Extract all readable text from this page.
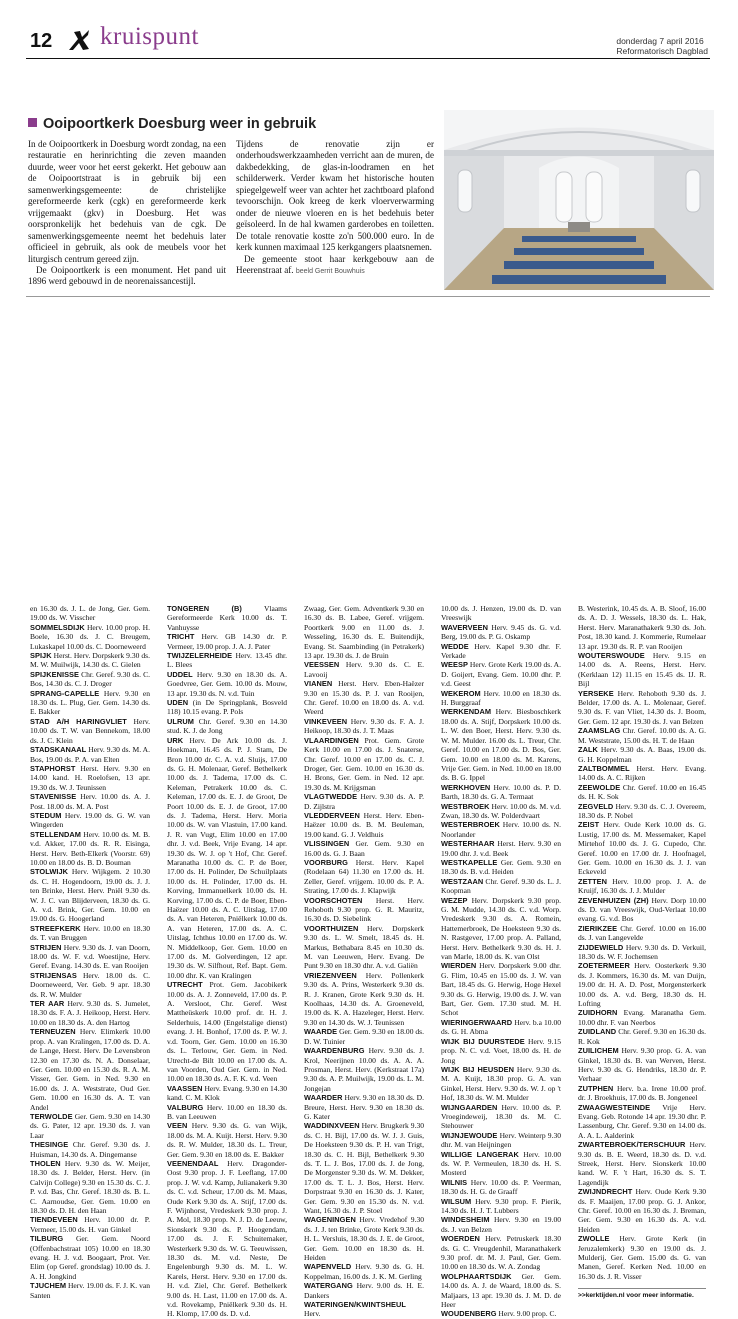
12 kruispunt	donderdag 7 april 2016
Reformatorisch Dagblad
Ooipoortkerk Doesburg weer in gebruik

In de Ooipoortkerk in Doesburg wordt zondag, na een restauratie en herinrichting die zeven maanden duurde, weer voor het eerst gekerkt. Het gebouw aan de Ooipoortstraat is in gebruik bij een samenwerkingsgemeente: de christelijke gereformeerde kerk (cgk) en gereformeerde kerk vrijgemaakt (gkv) in Doesburg. Het was oorspronkelijk het bedehuis van de cgk. De samenwerkingsgemeente neemt het bedehuis later officieel in gebruik, als ook de meubels voor het liturgisch centrum gereed zijn.

De Ooipoortkerk is een monument. Het pand uit 1896 werd gebouwd in de neorenaissancestijl.

Tijdens de renovatie zijn er onderhoudswerkzaamheden verricht aan de muren, de dakbedekking, de glas-in-loodramen en het schilderwerk. Verder kwam het historische houten spiegelgewelf weer van achter het zachtboard plafond tevoorschijn. Ook kreeg de kerk vloerverwarming onder de nieuwe vloeren en is het bedehuis beter geïsoleerd. In de hal kwamen garderobes en toiletten. De totale renovatie kostte zo'n 500.000 euro. In de kerk kunnen maximaal 125 kerkgangers plaatsnemen.

De gemeente stoot haar kerkgebouw aan de Heerenstraat af. beeld Gerrit Bouwhuis

en 16.30 ds. J. L. de Jong, Ger. Gem. 19.00 ds. W. Visscher

SOMMELSDIJK Herv. 10.00 prop. H. Boele, 16.30 ds. J. C. Breugem, Lukaskapel 10.00 ds. C. Doorneweerd

SPIJK Herst. Herv. Dorpskerk 9.30 ds. M. W. Muilwijk, 14.30 ds. C. Gielen

SPIJKENISSE Chr. Geref. 9.30 ds. C. Bos, 14.30 ds. C. J. Droger

SPRANG-CAPELLE Herv. 9.30 en 18.30 ds. L. Plug, Ger. Gem. 14.30 ds. E. Bakker

STAD A/H HARINGVLIET Herv. 10.00 ds. T. W. van Bennekom, 18.00 ds. J. C. Klein

STADSKANAAL Herv. 9.30 ds. M. A. Bos, 19.00 ds. P. A. van Elten

STAPHORST Herst. Herv. 9.30 en 14.00 kand. H. Roelofsen, 13 apr. 19.30 ds. W. J. Teunissen

STAVENISSE Herv. 10.00 ds. A. J. Post. 18.00 ds. M. A. Post

STEDUM Herv. 19.00 ds. G. W. van Wingerden

STELLENDAM Herv. 10.00 ds. M. B. v.d. Akker, 17.00 ds. R. R. Eisinga, Herst. Herv. Beth-Elkerk (Voorstr. 69) 10.00 en 18.00 ds. B. D. Bouman

STOLWIJK Herv. Wijkgem. 2 10.30 ds. C. H. Hogendoorn, 19.00 ds. J. J. ten Brinke, Herst. Herv. Pniël 9.30 ds. W. J. C. van Blijderveen, 18.30 ds. G. A. v.d. Brink, Ger. Gem. 10.00 en 19.00 ds. G. Hoogerland

STREEFKERK Herv. 10.00 en 18.30 ds. T. van Bruggen

STRIJEN Herv. 9.30 ds. J. van Doorn, 18.00 ds. W. F. v.d. Woestijne, Herv. Geref. Evang. 14.30 ds. E. van Rooijen

STRIJENSAS Herv. 18.00 ds. C. Doorneweerd, Ver. Geb. 9 apr. 18.30 ds. R. W. Mulder

TER AAR Herv. 9.30 ds. S. Jumelet, 18.30 ds. F. A. J. Heikoop, Herst. Herv. 10.00 en 18.30 ds. A. den Hartog

TERNEUZEN Herv. Elimkerk 10.00 prop. A. van Kralingen, 17.00 ds. D. A. de Lange, Herst. Herv. De Levensbron 12.30 en 17.30 ds. N. A. Donselaar, Ger. Gem. 10.00 en 15.30 ds. R. A. M. Visser, Ger. Gem. in Ned. 9.30 en 16.00 ds. J. A. Weststrate, Oud Ger. Gem. 10.00 en 16.30 ds. A. T. van Andel

TERWOLDE Ger. Gem. 9.30 en 14.30 ds. G. Pater, 12 apr. 19.30 ds. J. van Laar

THESINGE Chr. Geref. 9.30 ds. J. Huisman, 14.30 ds. A. Dingemanse

THOLEN Herv. 9.30 ds. W. Meijer, 18.30 ds. J. Belder, Herst. Herv. (in Calvijn College) 9.30 en 15.30 ds. C. J. P. v.d. Bas, Chr. Geref. 18.30 ds. B. L. C. Aarnoudse, Ger. Gem. 10.00 en 18.30 ds. D. H. den Haan

TIENDEVEEN Herv. 10.00 dr. P. Vermeer, 15.00 ds. H. van Ginkel

TILBURG Ger. Gem. Noord (Offenbachstraat 105) 10.00 en 18.30 evang. H. J. v.d. Boogaart, Prot. Ver. Elim (op Geref. grondslag) 10.00 ds. J. A. H. Jongkind

TJUCHEM Herv. 19.00 ds. F. J. K. van Santen

TONGEREN (B)	Vlaams Gereformeerde Kerk 10.00 ds. T. Vanhuysse

TRICHT Herv. GB 14.30 dr. P. Vermeer, 19.00 prop. J. A. J. Pater

TWIJZELERHEIDE Herv. 13.45 dhr. L. Blees

UDDEL Herv. 9.30 en 18.30 ds. A. Goedvree, Ger. Gem. 10.00 ds. Mouw, 13 apr. 19.30 ds. N. v.d. Tuin

UDEN (in De Springplank, Bosveld 118) 10.15 evang. P. Pols

ULRUM Chr. Geref. 9.30 en 14.30 stud. K. J. de Jong

URK Herv. De Ark 10.00 ds. J. Hoekman, 16.45 ds. P. J. Stam, De Bron 10.00 dr. C. A. v.d. Sluijs, 17.00 ds. G. H. Molenaar, Geref. Bethelkerk 10.00 ds. J. Tadema, 17.00 ds. C. Keleman, Petrakerk 10.00 ds. C. Keleman, 17.00 ds. E. J. de Groot, De Poort 10.00 ds. E. J. de Groot, 17.00 ds. J. Tadema, Herst. Herv. Moria 10.00 ds. W. van Vlastuin, 17.00 kand. J. R. van Vugt, Elim 10.00 en 17.00 dhr. J. v.d. Beek, Vrije Evang. 14 apr. 19.30 ds. W. J. op 't Hof, Chr. Geref. Maranatha 10.00 ds. C. P. de Boer, 17.00 ds. H. Polinder, De Schuilplaats 10.00 ds. H. Polinder, 17.00 ds. H. Korving, Immanuelkerk 10.00 ds. H. Korving, 17.00 ds. C. P. de Boer, Eben-Haëzer 10.00 ds. A. C. Uitslag, 17.00 ds. A. van Heteren, Pniëlkerk 10.00 ds. A. van Heteren, 17.00 ds. A. C. Uitslag, Ichthus 10.00 en 17.00 ds. W. N. Middelkoop, Ger. Gem. 10.00 en 17.00 ds. M. Golverdingen, 12 apr. 19.30 ds. W. Silfhout, Ref. Bapt. Gem. 10.00 dhr. K. van Kralingen

UTRECHT Prot. Gem. Jacobikerk 10.00 ds. A. J. Zonneveld, 17.00 ds. P. A. Versloot, Chr. Geref. West Mattheüskerk 10.00 prof. dr. H. J. Selderhuis, 14.00 (Engelstalige dienst) evang. J. H. Bonhof, 17.00 ds. P. W. J. v.d. Toorn, Ger. Gem. 10.00 en 16.30 ds. L. Terlouw, Ger. Gem. in Ned. Utrecht-de Bilt 10.00 en 17.00 ds. A. van Voorden, Oud Ger. Gem. in Ned. 10.00 en 18.30 ds. A. F. K. v.d. Veen

VAASSEN Herv. Evang. 9.30 en 14.30 kand. C. M. Klok

VALBURG Herv. 10.00 en 18.30 ds. B. van Leeuwen

VEEN Herv. 9.30 ds. G. van Wijk, 18.00 ds. M. A. Kuijt. Herst. Herv. 9.30 ds. R. W. Mulder, 18.30 ds. L. Treur, Ger. Gem. 9.30 en 18.00 ds. E. Bakker

VEENENDAAL Herv. Dragonder-Oost 9.30 prop. J. F. Leeflang, 17.00 prop. J. W. v.d. Kamp, Julianakerk 9.30 ds. C. v.d. Scheur, 17.00 ds. M. Maas, Oude Kerk 9.30 ds. A. Stijf, 17.00 ds. F. Wijnhorst, Vredeskerk 9.30 prop. J. A. Mol, 18.30 prop. N. J. D. de Leeuw, Sionskerk 9.30 ds. P. Hoogendam, 17.00 ds. J. F. Schuitemaker, Westerkerk 9.30 ds. W. G. Teeuwissen, 18.30 ds. M. v.d. Neste, De Engelenburgh 9.30 ds. M. L. W. Karels, Herst. Herv. 9.30 en 17.00 ds. H. v.d. Ziel, Chr. Geref. Bethelkerk 9.00 ds. H. Last, 11.00 en 17.00 ds. A. v.d. Rovekamp, Pniëlkerk 9.30 ds. H. H. Klomp, 17.00 ds. D. v.d.

Zwaag, Ger. Gem. Adventkerk 9.30 en 16.30 ds. B. Labee, Geref. vrijgem. Poortkerk 9.00 en 11.00 ds. J. Wesseling, 16.30 ds. E. Buitendijk, Evang. St. Saambinding (in Petrakerk) 13 apr. 19.30 ds. J. de Bruin

VEESSEN Herv. 9.30 ds. C. E. Lavooij

VIANEN Herst. Herv. Eben-Haëzer 9.30 en 15.30 ds. P. J. van Rooijen, Chr. Geref. 10.00 en 18.00 ds. A. v.d. Weerd

VINKEVEEN Herv. 9.30 ds. F. A. J. Heikoop, 18.30 ds. J. T. Maas

VLAARDINGEN Prot. Gem. Grote Kerk 10.00 en 17.00 ds. J. Snaterse, Chr. Geref. 10.00 en 17.00 ds. C. J. Droger, Ger. Gem. 10.00 en 16.30 ds. H. Brons, Ger. Gem. in Ned. 12 apr. 19.30 ds. M. Krijgsman

VLAGTWEDDE Herv. 9.30 ds. A. P. D. Zijlstra

VLEDDERVEEN Herst. Herv. Eben-Haëzer 10.00 ds. B. M. Beuleman, 19.00 kand. G. J. Veldhuis

VLISSINGEN Ger. Gem. 9.30 en 16.00 ds. G. J. Baan

VOORBURG Herst. Herv. Kapel (Rodelaan 64) 11.30 en 17.00 ds. H. Zeller, Geref. vrijgem. 10.00 ds. P. A. Strating, 17.00 ds. J. Klapwijk

VOORSCHOTEN Herst. Herv. Rehoboth 9.30 prop. G. R. Mauritz, 16.30 ds. D. Siebelink

VOORTHUIZEN Herv. Dorpskerk 9.30 ds. L. W. Smelt, 18.45 ds. H. Markus, Bethabara 8.45 en 10.30 ds. M. van Leeuwen, Herv. Evang. De Punt 9.30 en 18.30 dhr. A. v.d. Galiën

VRIEZENVEEN Herv. Pollenkerk 9.30 ds. A. Prins, Westerkerk 9.30 ds. R. J. Kranen, Grote Kerk 9.30 ds. H. Koolhaas, 14.30 ds. A. Groeneveld, 19.00 ds. K. A. Hazeleger, Herst. Herv. 9.30 en 14.30 ds. W. J. Teunissen

WAARDE Ger. Gem. 9.30 en 18.00 ds. D. W. Tuinier

WAARDENBURG Herv. 9.30 ds. J. Krol, Neerijnen 10.00 ds. A. A. A. Prosman, Herst. Herv. (Kerkstraat 17a) 9.30 ds. A. P. Muilwijk, 19.00 ds. L. M. Jongejan

WAARDER Herv. 9.30 en 18.30 ds. D. Breure, Herst. Herv. 9.30 en 18.30 ds. G. Kater

WADDINXVEEN Herv. Brugkerk 9.30 ds. C. H. Bijl, 17.00 ds. W. J. J. Guis, De Hoeksteen 9.30 ds. P. H. van Trigt, 18.30 ds. C. H. Bijl, Bethelkerk 9.30 ds. T. L. J. Bos, 17.00 ds. J. de Jong, De Morgenster 9.30 ds. W. M. Dekker, 17.00 ds. T. L. J. Bos, Herst. Herv. Dorpstraat 9.30 en 16.30 ds. J. Kater, Ger. Gem. 9.30 en 15.30 ds. N. v.d. Want, 16.30 ds. J. P. Stoel

WAGENINGEN Herv. Vredehof 9.30 ds. J. J. ten Brinke, Grote Kerk 9.30 ds. H. L. Versluis, 18.30 ds. J. E. de Groot, Ger. Gem. 10.00 en 18.30 ds. H. Heiden

WAPENVELD Herv. 9.30 ds. G. H. Koppelman, 16.00 ds. J. K. M. Gerling

WATERGANG Herv. 9.00 ds. H. E. Dankers

WATERINGEN/KWINTSHEUL Herv.

10.00 ds. J. Henzen, 19.00 ds. D. van Vreeswijk

WAVERVEEN Herv. 9.45 ds. G. v.d. Berg, 19.00 ds. P. G. Oskamp

WEDDE Herv. Kapel 9.30 dhr. F. Verkade

WEESP Herv. Grote Kerk 19.00 ds. A. D. Goijert, Evang. Gem. 10.00 dhr. P. v.d. Geest

WEKEROM Herv. 10.00 en 18.30 ds. H. Burggraaf

WERKENDAM Herv. Biesboschkerk 18.00 ds. A. Stijf, Dorpskerk 10.00 ds. L. W. den Boer, Herst. Herv. 9.30 ds. W. M. Mulder. 16.00 ds. L. Treur, Chr. Geref. 10.00 en 17.00 ds. D. Bos, Ger. Gem. 10.00 en 18.00 ds. M. Karens, Vrije Ger. Gem. in Ned. 10.00 en 18.00 ds. B. G. Ippel

WERKHOVEN Herv. 10.00 ds. P. D. Barth, 18.30 ds. G. A. Termaat

WESTBROEK Herv. 10.00 ds. M. v.d. Zwan, 18.30 ds. W. Polderdvaart

WESTERBROEK Herv. 10.00 ds. N. Noorlander

WESTERHAAR Herst. Herv. 9.30 en 19.00 dhr. J. v.d. Beek

WESTKAPELLE Ger. Gem. 9.30 en 18.30 ds. B. v.d. Heiden

WESTZAAN Chr. Geref. 9.30 ds. L. J. Koopman

WEZEP Herv. Dorpskerk 9.30 prop. G. M. Mudde, 14.30 ds. C. v.d. Worp. Vredeskerk 9.30 ds. A. Romein, Hattemerbroek, De Hoeksteen 9.30 ds. N. Rastgever, 17.00 prop. A. Palland, Herst. Herv. Bethelkerk 9.30 ds. H. J. van Marle, 18.00 ds. K. van Olst

WIERDEN Herv. Dorpskerk 9.00 dhr. G. Flim, 10.45 en 15.00 ds. J. W. van Bart, 18.45 ds. G. Herwig, Hoge Hexel 9.30 ds. G. Herwig, 19.00 ds. J. W. van Bart, Ger. Gem. 17.30 stud. M. H. Schot

WIERINGERWAARD Herv. b.a 10.00 ds. G. H. Abma

WIJK BIJ DUURSTEDE Herv. 9.15 prop. N. C. v.d. Voet, 18.00 ds. H. de Jong

WIJK BIJ HEUSDEN Herv. 9.30 ds. M. A. Kuijt, 18.30 prop. G. A. van Ginkel, Herst. Herv. 9.30 ds. W. J. op 't Hof, 18.30 ds. W. M. Mulder

WIJNGAARDEN Herv. 10.00 ds. P. Vroegindeweij, 18.30 ds. M. C. Stehouwer

WIJNJEWOUDE Herv. Weinterp 9.30 dhr. M. van Heijningen

WILLIGE LANGERAK Herv. 10.00 ds. W. P. Vermeulen, 18.30 ds. H. S. Mosterd

WILNIS Herv. 10.00 ds. P. Veerman, 18.30 ds. H. G. de Graaff

WILSUM Herv. 9.30 prop. F. Pierik, 14.30 ds. H. J. T. Lubbers

WINDESHEIM Herv. 9.30 en 19.00 ds. J. van Belzen

WOERDEN Herv. Petruskerk 18.30 ds. G. C. Vreugdenhil, Maranathakerk 9.30 prof. dr. M. J. Paul, Ger. Gem. 10.00 en 18.30 ds. W. A. Zondag

WOLPHAARTSDIJK Ger. Gem. 14.00 ds. A. J. de Waard, 18.00 ds. S. Maljaars, 13 apr. 19.30 ds. J. M. D. de Heer

WOUDENBERG Herv. 9.00 prop. C.

B. Westerink, 10.45 ds. A. B. Sloof, 16.00 ds. A. D. J. Wessels, 18.30 ds. L. Hak, Herst. Herv. Maranathakerk 9.30 ds. Joh. Post, 18.30 kand. J. Kommerie, Rumelaar 13 apr. 19.30 ds. R. P. van Rooijen

WOUTERSWOUDE Herv. 9.15 en 14.00 ds. A. Reens, Herst. Herv. (Kerklaan 12) 11.15 en 15.45 ds. IJ. R. Bijl

YERSEKE Herv. Rehoboth 9.30 ds. J. Belder, 17.00 ds. A. L. Molenaar, Geref. 9.30 ds. F. van Vliet, 14.30 ds. J. Boom, Ger. Gem. 12 apr. 19.30 ds. J. van Belzen

ZAAMSLAG Chr. Geref. 10.00 ds. A. G. M. Weststrate, 15.00 ds. H. T. de Haan

ZALK Herv. 9.30 ds. A. Baas, 19.00 ds. G. H. Koppelman

ZALTBOMMEL Herst. Herv. Evang. 14.00 ds. A. C. Rijken

ZEEWOLDE Chr. Geref. 10.00 en 16.45 ds. H. K. Sok

ZEGVELD Herv. 9.30 ds. C. J. Overeem, 18.30 ds. P. Nobel

ZEIST Herv. Oude Kerk 10.00 ds. G. Lustig, 17.00 ds. M. Messemaker, Kapel Mirtehof 10.00 ds. J. G. Cupedo, Chr. Geref. 10.00 en 17.00 dr. J. Hoofnagel, Ger. Gem. 10.00 en 16.30 ds. J. J. van Eckeveld

ZETTEN Herv. 10.00 prop. J. A. de Kruijf, 16.30 ds. J. J. Mulder

ZEVENHUIZEN (ZH) Herv. Dorp 10.00 ds. D. van Vreeswijk, Oud-Verlaat 10.00 evang. G. v.d. Bos

ZIERIKZEE Chr. Geref. 10.00 en 16.00 ds. J. van Langevelde

ZIJDEWIELD Herv. 9.30 ds. D. Verkuil, 18.30 ds. W. F. Jochemsen

ZOETERMEER Herv. Oosterkerk 9.30 ds. J. Kommers, 16.30 ds. M. van Duijn, 19.00 dr. H. A. D. Post, Morgensterkerk 10.00 ds. A. v.d. Berg, 18.30 ds. H. Lofting

ZUIDHORN Evang. Maranatha Gem. 10.00 dhr. F. van Neerbos

ZUIDLAND Chr. Geref. 9.30 en 16.30 ds. R. Kok

ZUILICHEM Herv. 9.30 prop. G. A. van Ginkel, 18.30 ds. B. van Werven, Herst. Herv. 9.30 ds. G. Hendriks, 18.30 dr. P. Verhaar

ZUTPHEN Herv. b.a. Irene 10.00 prof. dr. J. Broekhuis, 17.00 ds. B. Jongeneel

ZWAAGWESTEINDE Vrije Herv. Evang. Geb. Rotonde 14 apr. 19.30 dhr. P. Lassenburg, Chr. Geref. 9.30 en 14.00 ds. A. A. L. Aalderink

ZWARTEBROEK/TERSCHUUR Herv. 9.30 ds. B. E. Weerd, 18.30 ds. D. v.d. Streek, Herst. Herv. Sionskerk 10.00 kand. W. F. 't Hart, 16.30 ds. S. T. Lagendijk

ZWIJNDRECHT Herv. Oude Kerk 9.30 ds. F. Maaijen, 17.00 prop. G. J. Ankor, Chr. Geref. 10.00 en 16.30 ds. J. Breman, Ger. Gem. 9.30 en 16.30 ds. A. v.d. Heiden

ZWOLLE Herv. Grote Kerk (in Jeruzalemkerk) 9.30 en 19.00 ds. J. Mulderij, Ger. Gem. 15.00 ds. G. van Manen, Geref. Kerken Ned. 10.00 en 16.30 ds. J. R. Visser

>>kerktijden.nl voor meer informatie.
